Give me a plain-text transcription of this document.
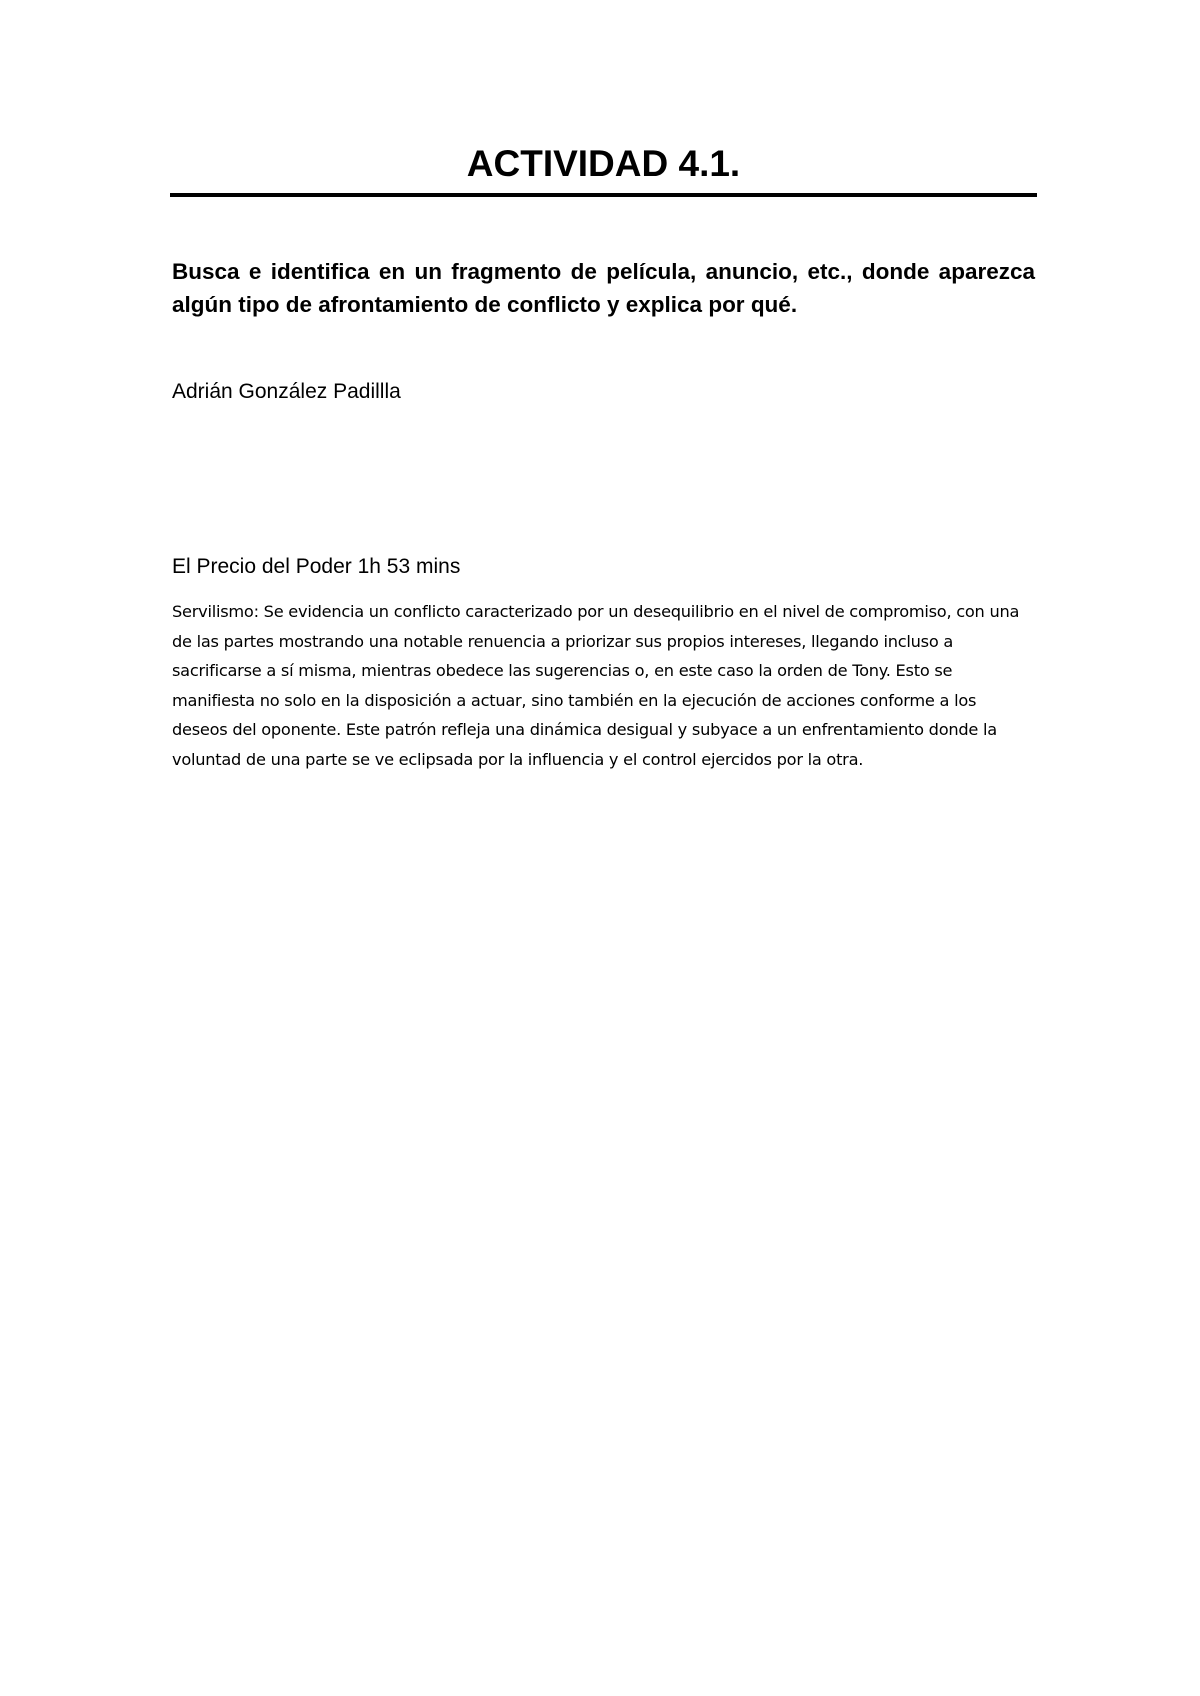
ACTIVIDAD 4.1.

Busca e identifica en un fragmento de película, anuncio, etc., donde aparezca algún tipo de afrontamiento de conflicto y explica por qué.

Adrián González Padillla

El Precio del Poder 1h 53 mins

Servilismo: Se evidencia un conflicto caracterizado por un desequilibrio en el nivel de compromiso, con una de las partes mostrando una notable renuencia a priorizar sus propios intereses, llegando incluso a sacrificarse a sí misma, mientras obedece las sugerencias o, en este caso la orden de Tony. Esto se manifiesta no solo en la disposición a actuar, sino también en la ejecución de acciones conforme a los deseos del oponente. Este patrón refleja una dinámica desigual y subyace a un enfrentamiento donde la voluntad de una parte se ve eclipsada por la influencia y el control ejercidos por la otra.
